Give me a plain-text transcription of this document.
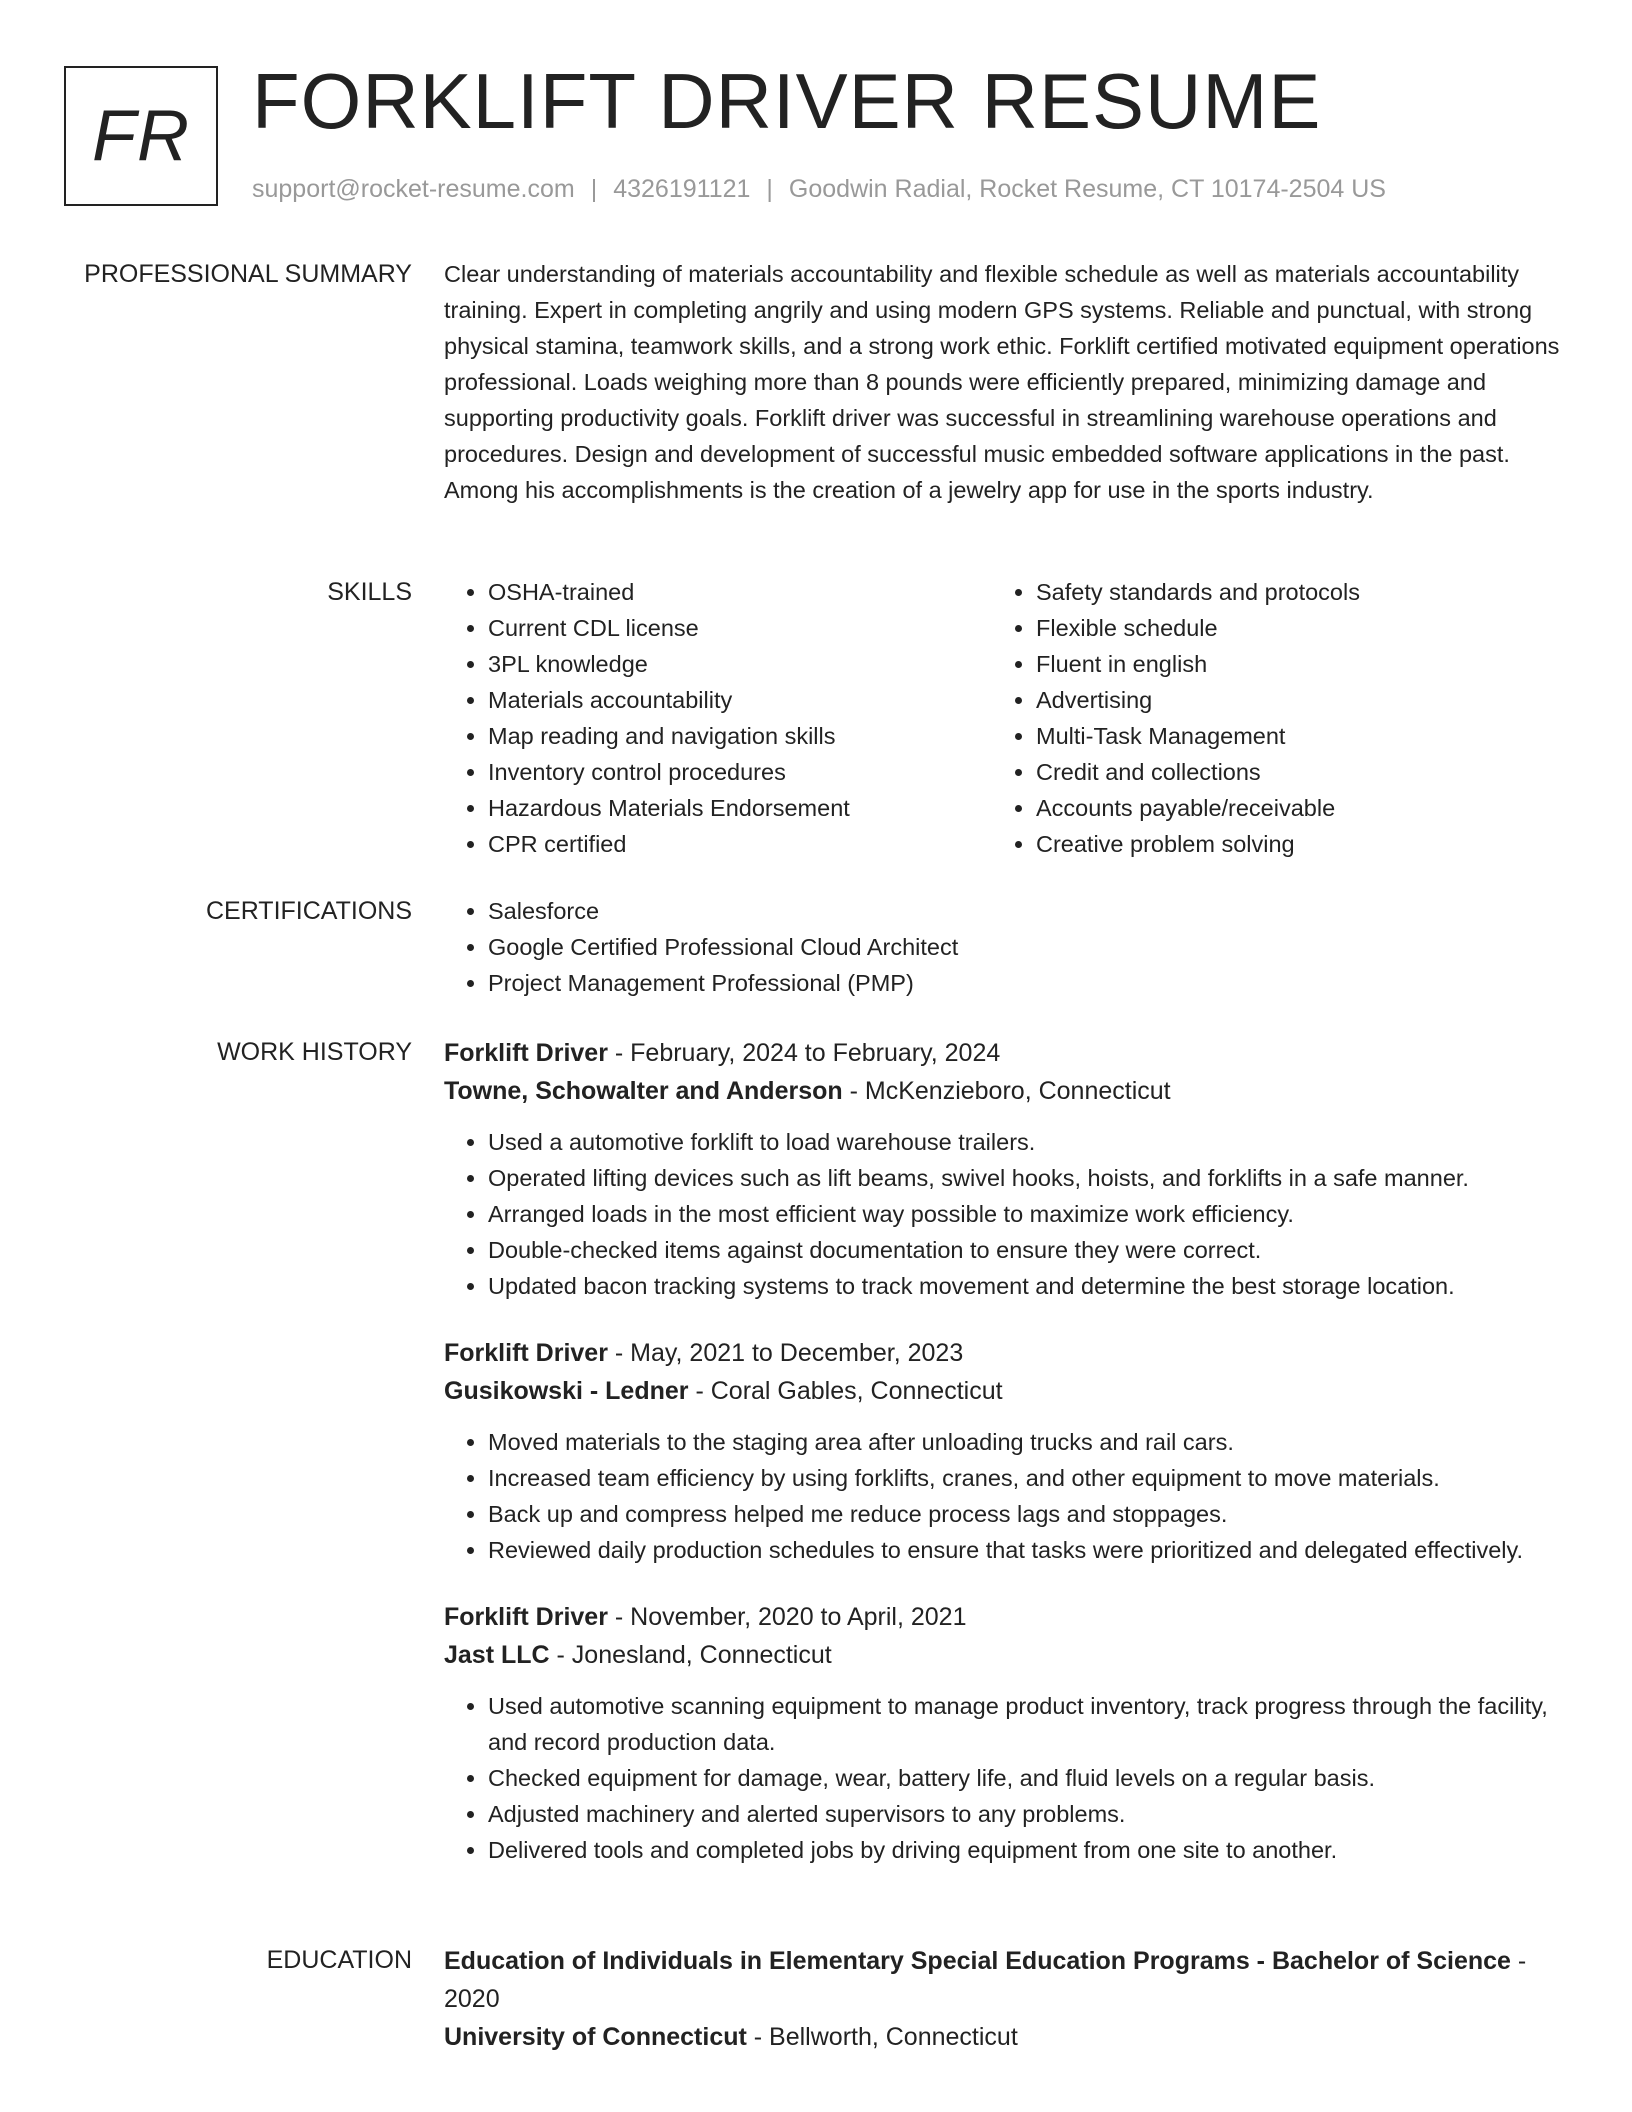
FR FORKLIFT DRIVER RESUME
support@rocket-resume.com | 4326191121 | Goodwin Radial, Rocket Resume, CT 10174-2504 US
PROFESSIONAL SUMMARY Clear understanding of materials accountability and flexible schedule as well as materials accountability training. Expert in completing angrily and using modern GPS systems. Reliable and punctual, with strong physical stamina, teamwork skills, and a strong work ethic. Forklift certified motivated equipment operations professional. Loads weighing more than 8 pounds were efficiently prepared, minimizing damage and supporting productivity goals. Forklift driver was successful in streamlining warehouse operations and procedures. Design and development of successful music embedded software applications in the past. Among his accomplishments is the creation of a jewelry app for use in the sports industry.

SKILLS	• OSHA-trained
• Current CDL license
• 3PL knowledge
• Materials accountability
• Map reading and navigation skills
• Inventory control procedures
• Hazardous Materials Endorsement
• CPR certified
• Safety standards and protocols
• Flexible schedule
• Fluent in english
• Advertising
• Multi-Task Management
• Credit and collections
• Accounts payable/receivable
• Creative problem solving
CERTIFICATIONS	• Salesforce
• Google Certified Professional Cloud Architect
• Project Management Professional (PMP)
WORK HISTORY Forklift Driver - February, 2024 to February, 2024
Towne, Schowalter and Anderson - McKenzieboro, Connecticut
• Used a automotive forklift to load warehouse trailers.
• Operated lifting devices such as lift beams, swivel hooks, hoists, and forklifts in a safe manner.
• Arranged loads in the most efficient way possible to maximize work efficiency.
• Double-checked items against documentation to ensure they were correct.
• Updated bacon tracking systems to track movement and determine the best storage location.
Forklift Driver - May, 2021 to December, 2023
Gusikowski - Ledner - Coral Gables, Connecticut
• Moved materials to the staging area after unloading trucks and rail cars.
• Increased team efficiency by using forklifts, cranes, and other equipment to move materials.
• Back up and compress helped me reduce process lags and stoppages.
• Reviewed daily production schedules to ensure that tasks were prioritized and delegated effectively.
Forklift Driver - November, 2020 to April, 2021
Jast LLC - Jonesland, Connecticut
• Used automotive scanning equipment to manage product inventory, track progress through the facility, and record production data.
• Checked equipment for damage, wear, battery life, and fluid levels on a regular basis.
• Adjusted machinery and alerted supervisors to any problems.
• Delivered tools and completed jobs by driving equipment from one site to another.
EDUCATION Education of Individuals in Elementary Special Education Programs - Bachelor of Science - 2020
University of Connecticut - Bellworth, Connecticut
